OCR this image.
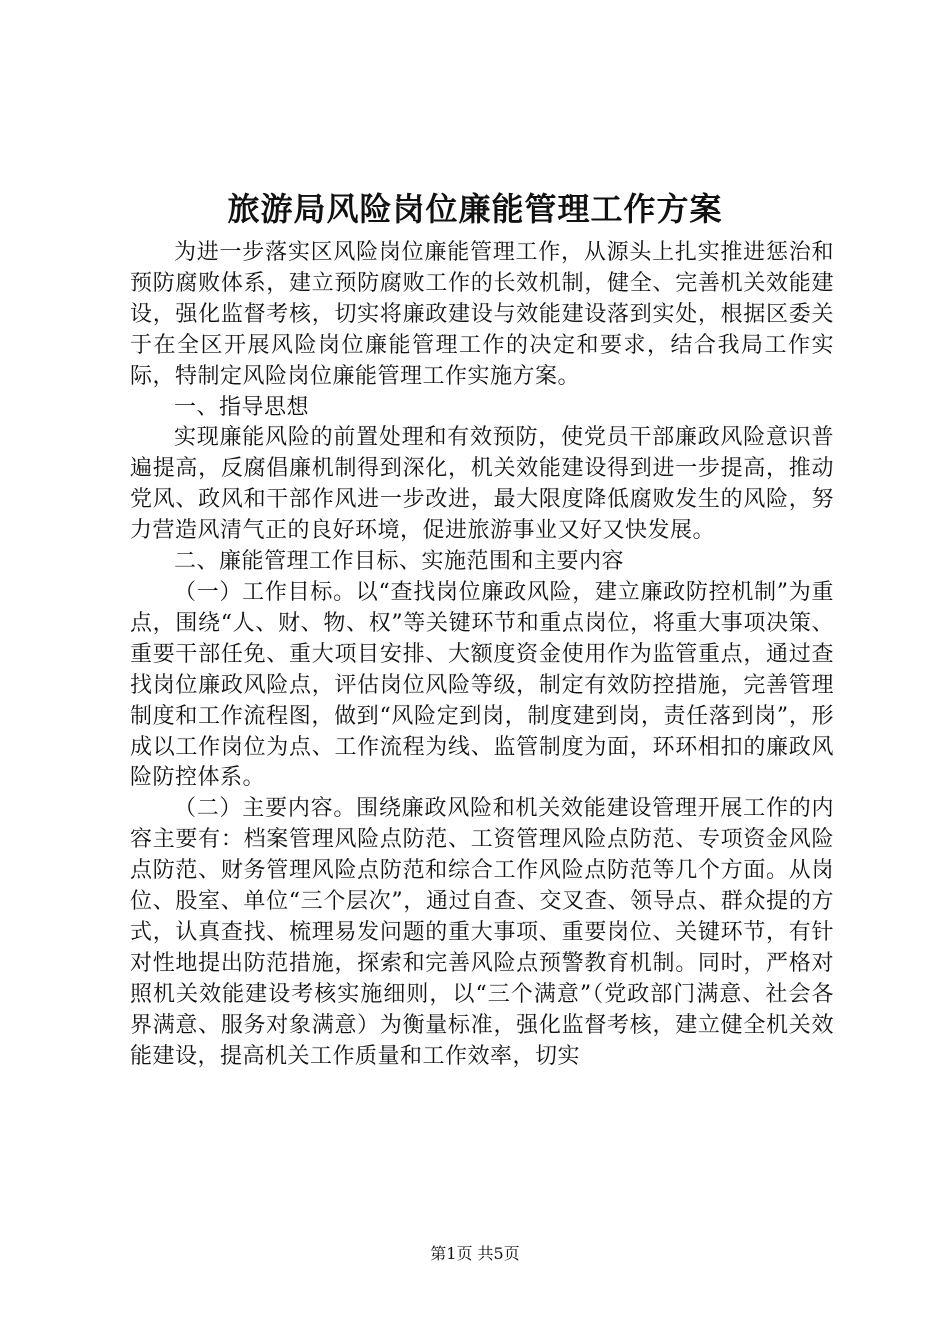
旅游局风险岗位廉能管理工作方案

为进一步落实区风险岗位廉能管理工作，从源头上扎实推进惩治和预防腐败体系，建立预防腐败工作的长效机制，健全、完善机关效能建设，强化监督考核，切实将廉政建设与效能建设落到实处，根据区委关于在全区开展风险岗位廉能管理工作的决定和要求，结合我局工作实际，特制定风险岗位廉能管理工作实施方案。

一、指导思想

实现廉能风险的前置处理和有效预防，使党员干部廉政风险意识普遍提高，反腐倡廉机制得到深化，机关效能建设得到进一步提高，推动党风、政风和干部作风进一步改进，最大限度降低腐败发生的风险，努力营造风清气正的良好环境，促进旅游事业又好又快发展。

二、廉能管理工作目标、实施范围和主要内容

（一）工作目标。以“查找岗位廉政风险，建立廉政防控机制”为重点，围绕“人、财、物、权”等关键环节和重点岗位，将重大事项决策、重要干部任免、重大项目安排、大额度资金使用作为监管重点，通过查找岗位廉政风险点，评估岗位风险等级，制定有效防控措施，完善管理制度和工作流程图，做到“风险定到岗，制度建到岗，责任落到岗”，形成以工作岗位为点、工作流程为线、监管制度为面，环环相扣的廉政风险防控体系。

（二）主要内容。围绕廉政风险和机关效能建设管理开展工作的内容主要有：档案管理风险点防范、工资管理风险点防范、专项资金风险点防范、财务管理风险点防范和综合工作风险点防范等几个方面。从岗位、股室、单位“三个层次”，通过自查、交叉查、领导点、群众提的方式，认真查找、梳理易发问题的重大事项、重要岗位、关键环节，有针对性地提出防范措施，探索和完善风险点预警教育机制。同时，严格对照机关效能建设考核实施细则，以“三个满意”（党政部门满意、社会各界满意、服务对象满意）为衡量标准，强化监督考核，建立健全机关效能建设，提高机关工作质量和工作效率，切实

第1页 共5页
